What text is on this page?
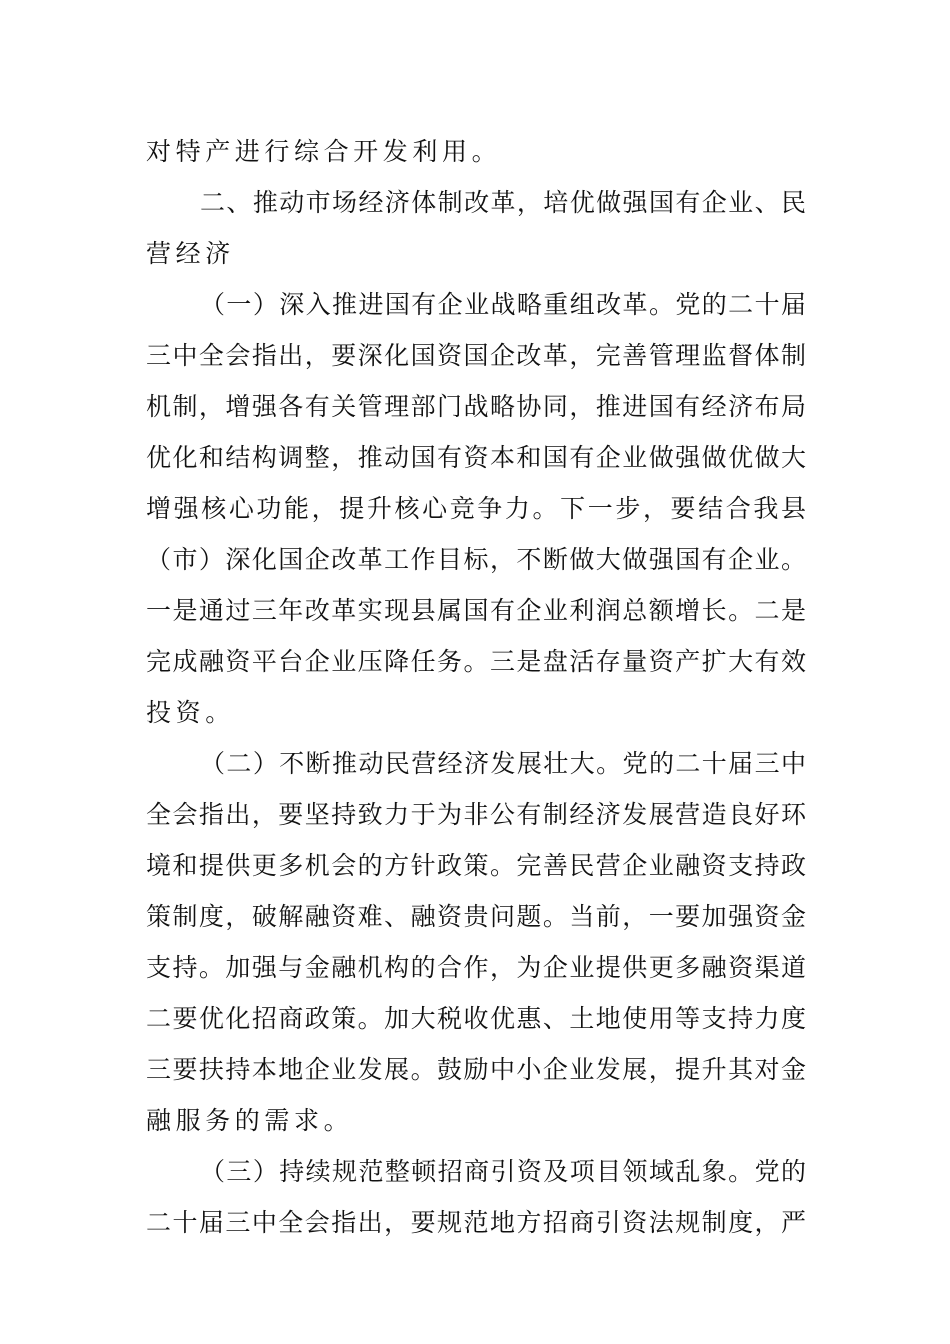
对特产进行综合开发利用。
二、推动市场经济体制改革，培优做强国有企业、民
营经济
（一）深入推进国有企业战略重组改革。党的二十届
三中全会指出，要深化国资国企改革，完善管理监督体制
机制，增强各有关管理部门战略协同，推进国有经济布局
优化和结构调整，推动国有资本和国有企业做强做优做大
增强核心功能，提升核心竞争力。下一步，要结合我县
（市）深化国企改革工作目标，不断做大做强国有企业。
一是通过三年改革实现县属国有企业利润总额增长。二是
完成融资平台企业压降任务。三是盘活存量资产扩大有效
投资。
（二）不断推动民营经济发展壮大。党的二十届三中
全会指出，要坚持致力于为非公有制经济发展营造良好环
境和提供更多机会的方针政策。完善民营企业融资支持政
策制度，破解融资难、融资贵问题。当前，一要加强资金
支持。加强与金融机构的合作，为企业提供更多融资渠道
二要优化招商政策。加大税收优惠、土地使用等支持力度
三要扶持本地企业发展。鼓励中小企业发展，提升其对金
融服务的需求。
（三）持续规范整顿招商引资及项目领域乱象。党的
二十届三中全会指出，要规范地方招商引资法规制度，严
